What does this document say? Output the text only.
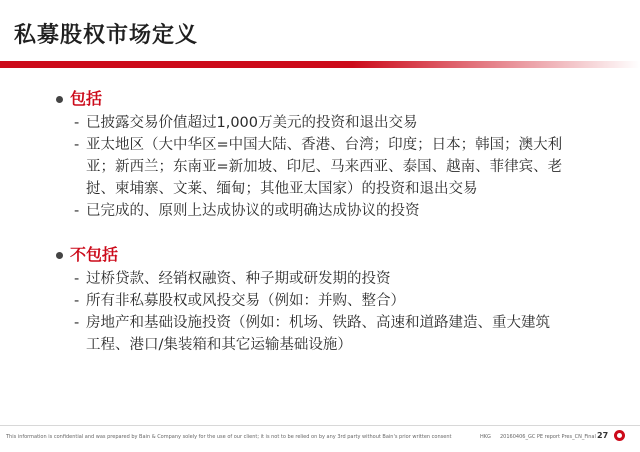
私募股权市场定义
包括
- 已披露交易价值超过1,000万美元的投资和退出交易
- 亚太地区（大中华区=中国大陆、香港、台湾；印度；日本；韩国；澳大利
亚；新西兰；东南亚=新加坡、印尼、马来西亚、泰国、越南、菲律宾、老
挝、柬埔寨、文莱、缅甸；其他亚太国家）的投资和退出交易
- 已完成的、原则上达成协议的或明确达成协议的投资
不包括
- 过桥贷款、经销权融资、种子期或研发期的投资
- 所有非私募股权或风投交易（例如：并购、整合）
- 房地产和基础设施投资（例如：机场、铁路、高速和道路建造、重大建筑
工程、港口/集装箱和其它运输基础设施）
This information is confidential and was prepared by Bain & Company solely for the use of our client; it is not to be relied on by any 3rd party without Bain's prior written consent	HKG 20160406_GC PE report Pres_CN_Final 27
